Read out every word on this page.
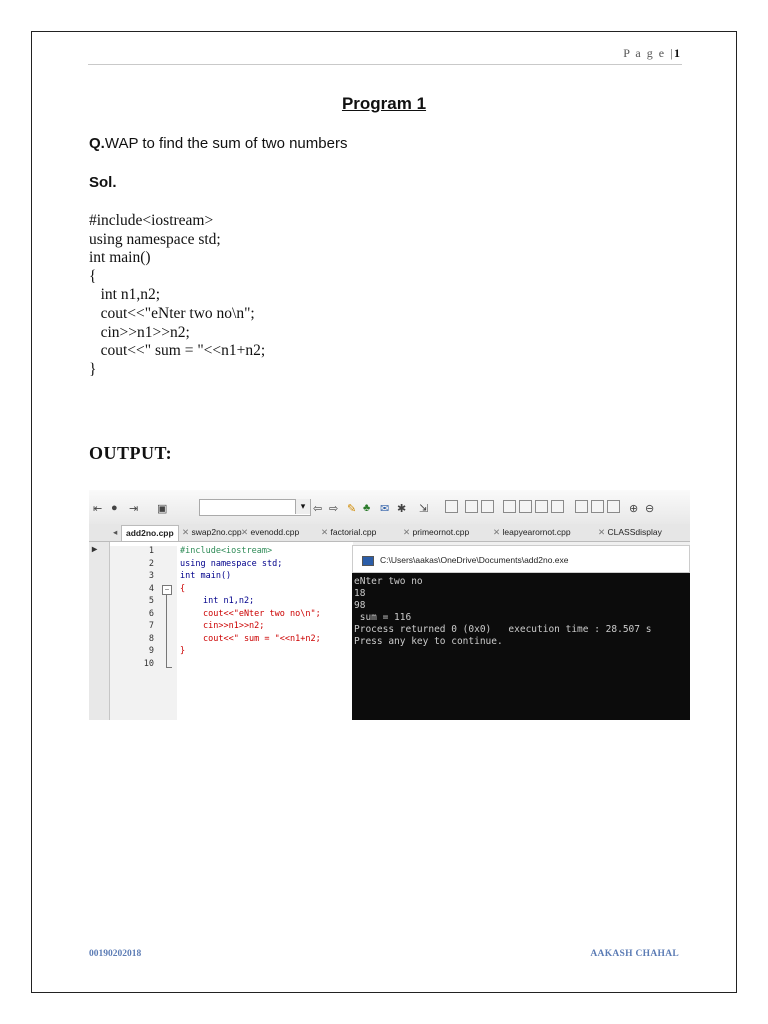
P a g e |1
Program 1
Q.WAP to find the sum of two numbers
Sol.
#include<iostream>
using namespace std;
int main()
{
int n1,n2;
cout<<"eNter two no\n";
cin>>n1>>n2;
cout<<" sum = "<<n1+n2;
}
OUTPUT:
⇤ ● ⇥ ▣	▾ ⇦ ⇨ ✎ ♣ ✉ ✱ ⇲	⊕ ⊖
▸
◂	add2no.cpp ✕ swap2no.cpp ✕ evenodd.cpp	✕ factorial.cpp	✕ primeornot.cpp	✕ leapyearornot.cpp	✕ CLASSdisplay
1
2
3
4
5
6
7
8
9
10
−
#include<iostream>
using namespace std;
int main()
{
int n1,n2;
cout<<"eNter two no\n";
cin>>n1>>n2;
cout<<" sum = "<<n1+n2;
}
C:\Users\aakas\OneDrive\Documents\add2no.exe
eNter two no
18
98
sum = 116
Process returned 0 (0x0)   execution time : 28.507 s
Press any key to continue.
00190202018	AAKASH CHAHAL
